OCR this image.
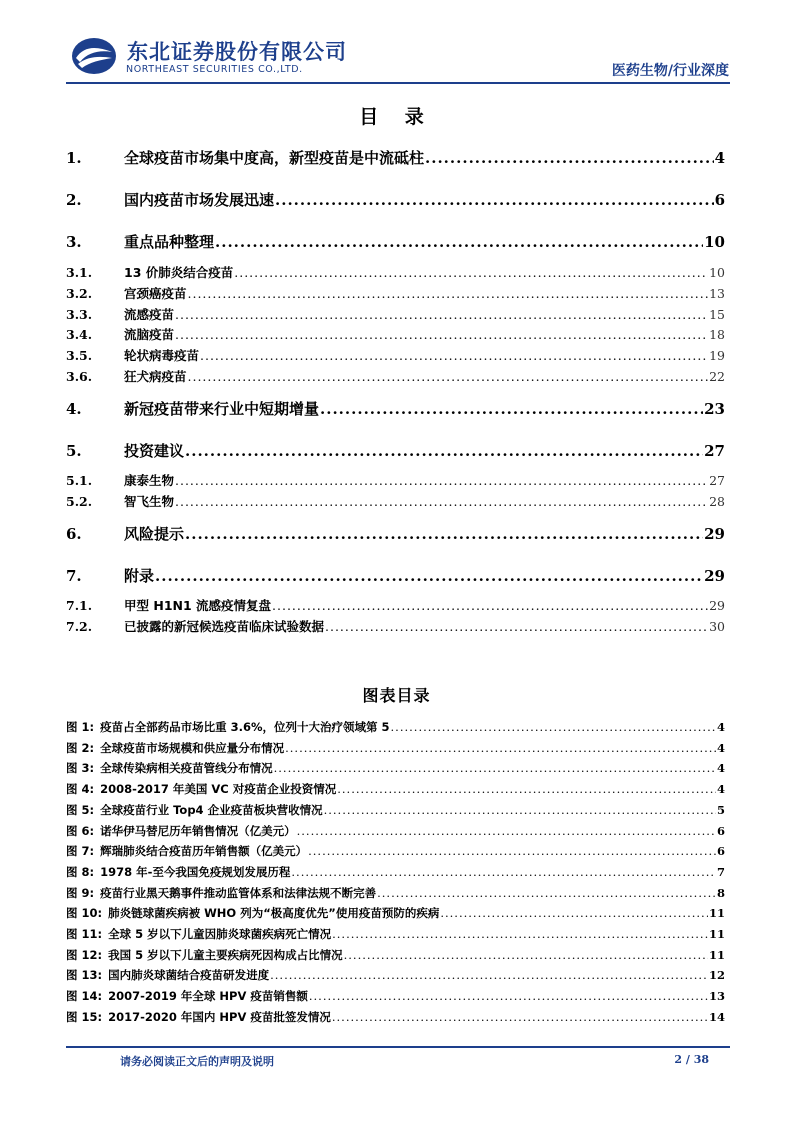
东北证券股份有限公司
NORTHEAST SECURITIES CO.,LTD.	医药生物/行业深度
目 录
1.	全球疫苗市场集中度高，新型疫苗是中流砥柱 .....	4
2.	国内疫苗市场发展迅速 .....	6
3.	重点品种整理 .....	10
3.1.	13 价肺炎结合疫苗 .....	10
3.2.	宫颈癌疫苗 .....	13
3.3.	流感疫苗 .....	15
3.4.	流脑疫苗 .....	18
3.5.	轮状病毒疫苗 .....	19
3.6.	狂犬病疫苗 .....	22
4.	新冠疫苗带来行业中短期增量 .....	23
5.	投资建议 .....	27
5.1.	康泰生物 .....	27
5.2.	智飞生物 .....	28
6.	风险提示 .....	29
7.	附录 .....	29
7.1.	甲型 H1N1 流感疫情复盘 .....	29
7.2.	已披露的新冠候选疫苗临床试验数据 .....	30
图表目录
图 1: 疫苗占全部药品市场比重 3.6%，位列十大治疗领域第 5 .....	4
图 2: 全球疫苗市场规模和供应量分布情况 .....	4
图 3: 全球传染病相关疫苗管线分布情况 .....	4
图 4: 2008-2017 年美国 VC 对疫苗企业投资情况 .....	4
图 5: 全球疫苗行业 Top4 企业疫苗板块营收情况 .....	5
图 6: 诺华伊马替尼历年销售情况（亿美元） .....	6
图 7: 辉瑞肺炎结合疫苗历年销售额（亿美元） .....	6
图 8: 1978 年-至今我国免疫规划发展历程 .....	7
图 9: 疫苗行业黑天鹅事件推动监管体系和法律法规不断完善 .....	8
图 10: 肺炎链球菌疾病被 WHO 列为“极高度优先”使用疫苗预防的疾病 .....	11
图 11: 全球 5 岁以下儿童因肺炎球菌疾病死亡情况 .....	11
图 12: 我国 5 岁以下儿童主要疾病死因构成占比情况 .....	11
图 13: 国内肺炎球菌结合疫苗研发进度 .....	12
图 14: 2007-2019 年全球 HPV 疫苗销售额 .....	13
图 15: 2017-2020 年国内 HPV 疫苗批签发情况 .....	14
请务必阅读正文后的声明及说明	2 / 38
